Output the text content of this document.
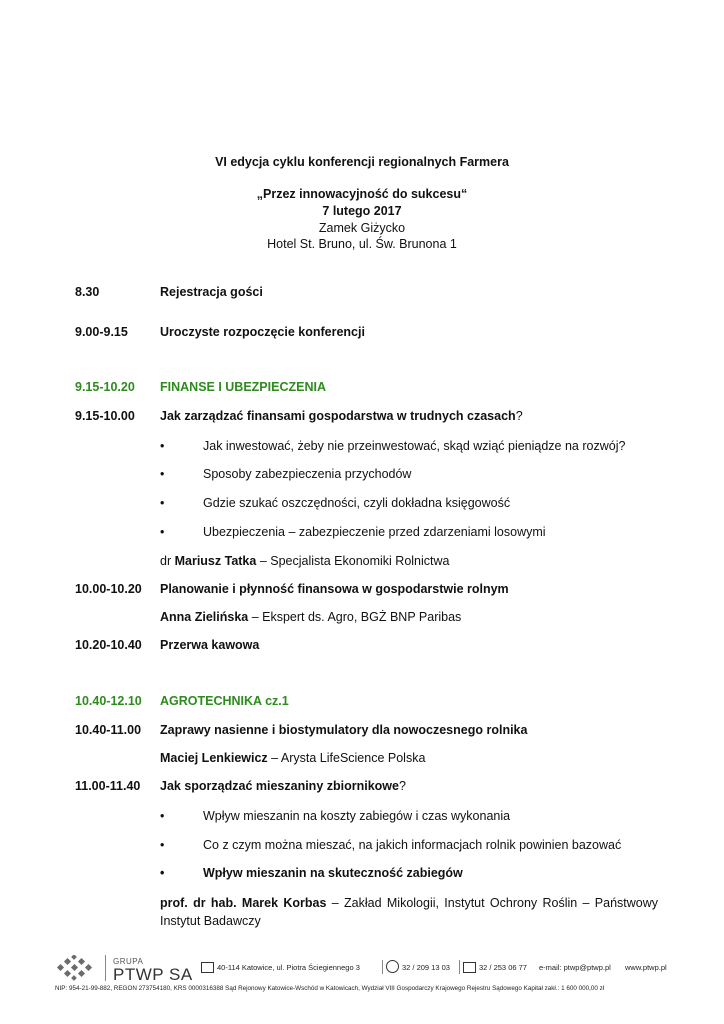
VI edycja cyklu konferencji regionalnych Farmera
„Przez innowacyjność do sukcesu“
7 lutego 2017
Zamek Giżycko
Hotel St. Bruno, ul. Św. Brunona 1
8.30	Rejestracja gości
9.00-9.15	Uroczyste rozpoczęcie konferencji
9.15-10.20 FINANSE I UBEZPIECZENIA
9.15-10.00 Jak zarządzać finansami gospodarstwa w trudnych czasach?
•	Jak inwestować, żeby nie przeinwestować, skąd wziąć pieniądze na rozwój?
•	Sposoby zabezpieczenia przychodów
•	Gdzie szukać oszczędności, czyli dokładna księgowość
•	Ubezpieczenia – zabezpieczenie przed zdarzeniami losowymi
dr Mariusz Tatka – Specjalista Ekonomiki Rolnictwa
10.00-10.20 Planowanie i płynność finansowa w gospodarstwie rolnym
Anna Zielińska – Ekspert ds. Agro, BGŻ BNP Paribas
10.20-10.40 Przerwa kawowa
10.40-12.10 AGROTECHNIKA cz.1
10.40-11.00 Zaprawy nasienne i biostymulatory dla nowoczesnego rolnika
Maciej Lenkiewicz – Arysta LifeScience Polska
11.00-11.40 Jak sporządzać mieszaniny zbiornikowe?
•	Wpływ mieszanin na koszty zabiegów i czas wykonania
•	Co z czym można mieszać, na jakich informacjach rolnik powinien bazować
•	Wpływ mieszanin na skuteczność zabiegów
prof. dr hab. Marek Korbas – Zakład Mikologii, Instytut Ochrony Roślin – Państwowy Instytut Badawczy
GRUPA
PTWP SA	40-114 Katowice, ul. Piotra Ściegiennego 3	32 / 209 13 03	32 / 253 06 77 e-mail: ptwp@ptwp.pl www.ptwp.pl
NIP: 954-21-99-882, REGON 273754180, KRS 0000316388 Sąd Rejonowy Katowice-Wschód w Katowicach, Wydział VIII Gospodarczy Krajowego Rejestru Sądowego Kapitał zakł.: 1 600 000,00 zł
